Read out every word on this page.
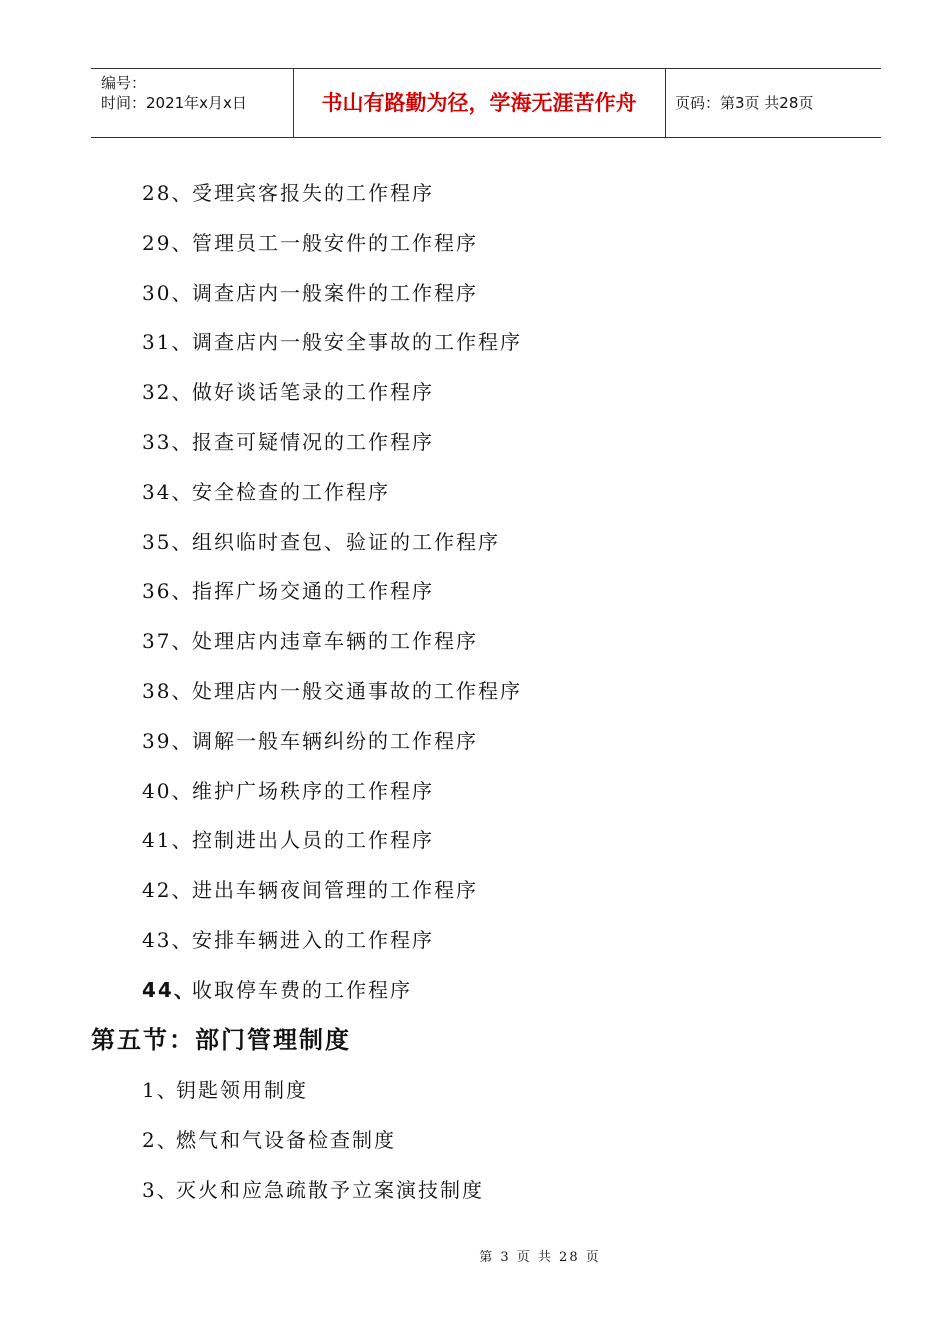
编号：
时间：2021年x月x日	书山有路勤为径，学海无涯苦作舟	页码：第3页 共28页
28、受理宾客报失的工作程序
29、管理员工一般安件的工作程序
30、调查店内一般案件的工作程序
31、调查店内一般安全事故的工作程序
32、做好谈话笔录的工作程序
33、报查可疑情况的工作程序
34、安全检查的工作程序
35、组织临时查包、验证的工作程序
36、指挥广场交通的工作程序
37、处理店内违章车辆的工作程序
38、处理店内一般交通事故的工作程序
39、调解一般车辆纠纷的工作程序
40、维护广场秩序的工作程序
41、控制进出人员的工作程序
42、进出车辆夜间管理的工作程序
43、安排车辆进入的工作程序
44、收取停车费的工作程序
第五节：部门管理制度
1、钥匙领用制度
2、燃气和气设备检查制度
3、灭火和应急疏散予立案演技制度
第 3 页 共 28 页
